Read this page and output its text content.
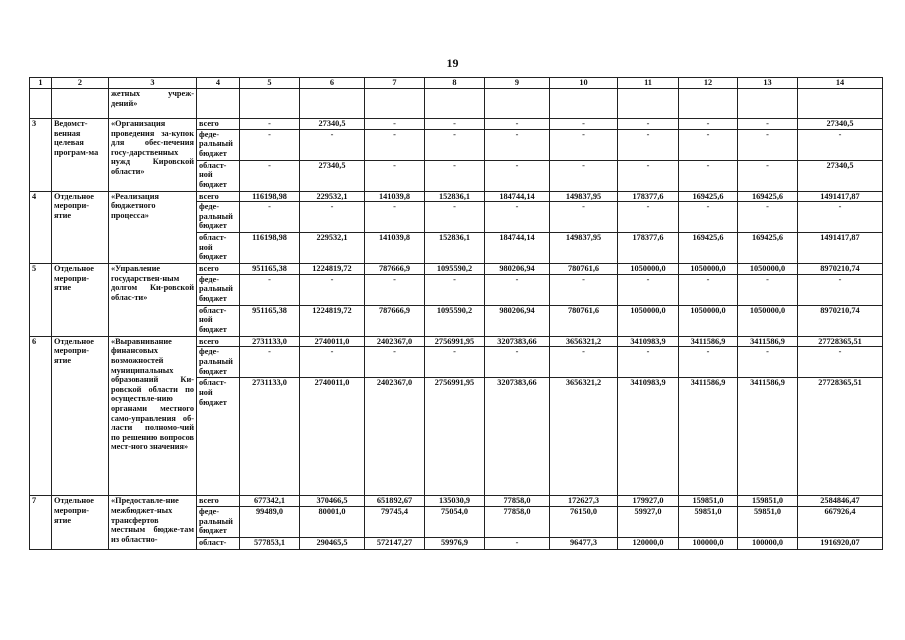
19
1	2	3	4	5	6	7	8	9	10	11	12	13	14
		жетных учреж-дений»											
3	Ведомст-венная целевая програм-ма	«Организация проведения за-купок для обес-печения госу-дарственных нужд Кировской области»	всего	-	27340,5	-	-	-	-	-	-	-	27340,5
			феде-ральный бюджет	-	-	-	-	-	-	-	-	-	-
			област-ной бюджет	-	27340,5	-	-	-	-	-	-	-	27340,5
4	Отдельное меропри-ятие	«Реализация бюджетного процесса»	всего	116198,98	229532,1	141039,8	152836,1	184744,14	149837,95	178377,6	169425,6	169425,6	1491417,87
			феде-ральный бюджет	-	-	-	-	-	-	-	-	-	-
			област-ной бюджет	116198,98	229532,1	141039,8	152836,1	184744,14	149837,95	178377,6	169425,6	169425,6	1491417,87
5	Отдельное меропри-ятие	«Управление государствен-ным долгом Ки-ровской облас-ти»	всего	951165,38	1224819,72	787666,9	1095590,2	980206,94	780761,6	1050000,0	1050000,0	1050000,0	8970210,74
			феде-ральный бюджет	-	-	-	-	-	-	-	-	-	-
			област-ной бюджет	951165,38	1224819,72	787666,9	1095590,2	980206,94	780761,6	1050000,0	1050000,0	1050000,0	8970210,74
6	Отдельное меропри-ятие	«Выравнивание финансовых возможностей муниципальных образований Ки-ровской области по осуществле-нию органами местного само-управления об-ласти полномо-чий по решению вопросов мест-ного значения»	всего	2731133,0	2740011,0	2402367,0	2756991,95	3207383,66	3656321,2	3410983,9	3411586,9	3411586,9	27728365,51
			феде-ральный бюджет	-	-	-	-	-	-	-	-	-	-
			област-ной бюджет	2731133,0	2740011,0	2402367,0	2756991,95	3207383,66	3656321,2	3410983,9	3411586,9	3411586,9	27728365,51
7	Отдельное меропри-ятие	«Предоставле-ние межбюджет-ных трансфертов местным бюдже-там из областно-	всего	677342,1	370466,5	651892,67	135030,9	77858,0	172627,3	179927,0	159851,0	159851,0	2584846,47
			феде-ральный бюджет	99489,0	80001,0	79745,4	75054,0	77858,0	76150,0	59927,0	59851,0	59851,0	667926,4
			област-	577853,1	290465,5	572147,27	59976,9	-	96477,3	120000,0	100000,0	100000,0	1916920,07
